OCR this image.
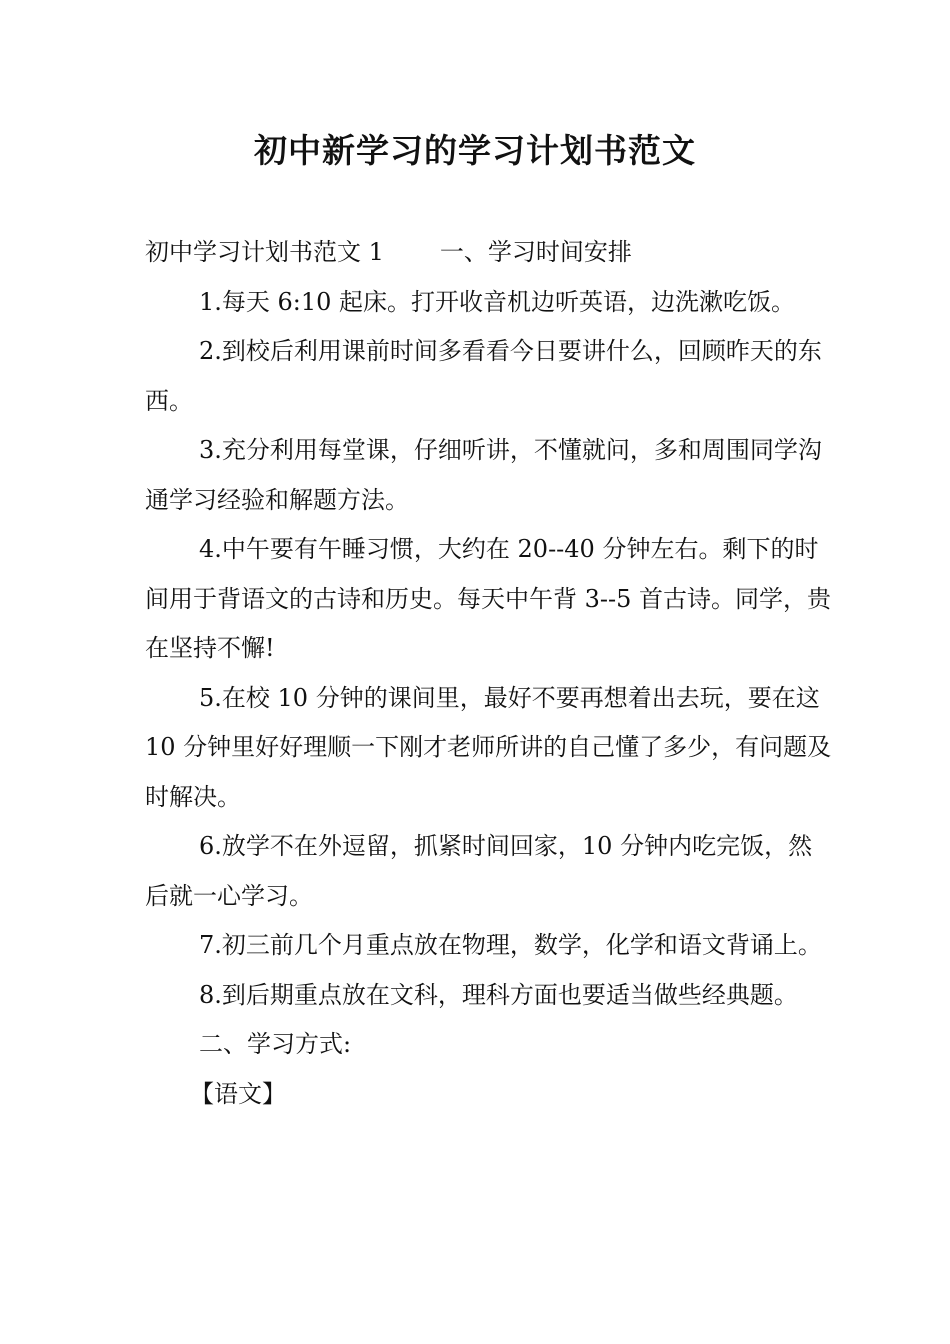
初中新学习的学习计划书范文

初中学习计划书范文 1 一、学习时间安排

1.每天 6:10 起床。打开收音机边听英语，边洗漱吃饭。

2.到校后利用课前时间多看看今日要讲什么，回顾昨天的东西。

3.充分利用每堂课，仔细听讲，不懂就问，多和周围同学沟通学习经验和解题方法。

4.中午要有午睡习惯，大约在 20--40 分钟左右。剩下的时间用于背语文的古诗和历史。每天中午背 3--5 首古诗。同学，贵在坚持不懈!

5.在校 10 分钟的课间里，最好不要再想着出去玩，要在这 10 分钟里好好理顺一下刚才老师所讲的自己懂了多少，有问题及时解决。

6.放学不在外逗留，抓紧时间回家，10 分钟内吃完饭，然后就一心学习。

7.初三前几个月重点放在物理，数学，化学和语文背诵上。

8.到后期重点放在文科，理科方面也要适当做些经典题。

二、学习方式:

【语文】
